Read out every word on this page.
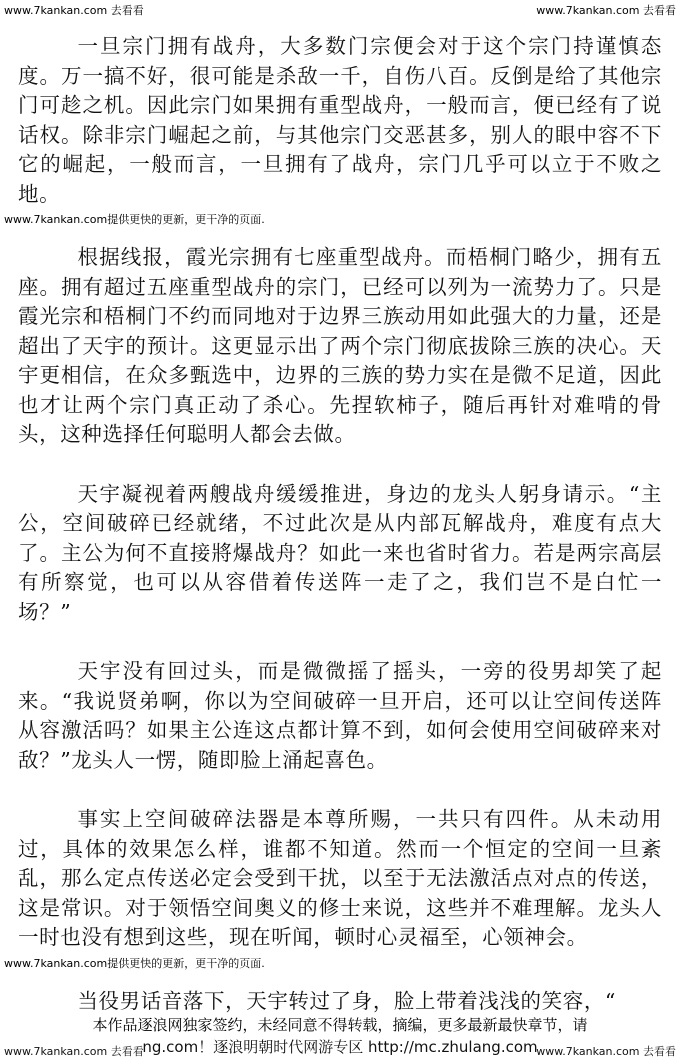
www.7kankan.com 去看看	www.7kankan.com 去看看

一旦宗门拥有战舟，大多数门宗便会对于这个宗门持谨慎态度。万一搞不好，很可能是杀敌一千，自伤八百。反倒是给了其他宗门可趁之机。因此宗门如果拥有重型战舟，一般而言，便已经有了说话权。除非宗门崛起之前，与其他宗门交恶甚多，别人的眼中容不下它的崛起，一般而言，一旦拥有了战舟，宗门几乎可以立于不败之地。

www.7kankan.com提供更快的更新，更干净的页面.

根据线报，霞光宗拥有七座重型战舟。而梧桐门略少，拥有五座。拥有超过五座重型战舟的宗门，已经可以列为一流势力了。只是霞光宗和梧桐门不约而同地对于边界三族动用如此强大的力量，还是超出了天宇的预计。这更显示出了两个宗门彻底拔除三族的决心。天宇更相信，在众多甄选中，边界的三族的势力实在是微不足道，因此也才让两个宗门真正动了杀心。先捏软柿子，随后再针对难啃的骨头，这种选择任何聪明人都会去做。

天宇凝视着两艘战舟缓缓推进，身边的龙头人躬身请示。“主公，空间破碎已经就绪，不过此次是从内部瓦解战舟，难度有点大了。主公为何不直接將爆战舟？如此一来也省时省力。若是两宗高层有所察觉，也可以从容借着传送阵一走了之，我们岂不是白忙一场？”

天宇没有回过头，而是微微摇了摇头，一旁的役男却笑了起来。“我说贤弟啊，你以为空间破碎一旦开启，还可以让空间传送阵从容激活吗？如果主公连这点都计算不到，如何会使用空间破碎来对敌？”龙头人一愣，随即脸上涌起喜色。

事实上空间破碎法器是本尊所赐，一共只有四件。从未动用过，具体的效果怎么样，谁都不知道。然而一个恒定的空间一旦紊乱，那么定点传送必定会受到干扰，以至于无法激活点对点的传送，这是常识。对于领悟空间奥义的修士来说，这些并不难理解。龙头人一时也没有想到这些，现在听闻，顿时心灵福至，心领神会。

www.7kankan.com提供更快的更新，更干净的页面.

当役男话音落下，天宇转过了身，脸上带着浅浅的笑容，“

本作品逐浪网独家签约，未经同意不得转载，摘编，更多最新最快章节，请
ng.com！逐浪明朝时代网游专区 http://mc.zhulang.com
www.7kankan.com 去看看	www.7kankan.com 去看看
